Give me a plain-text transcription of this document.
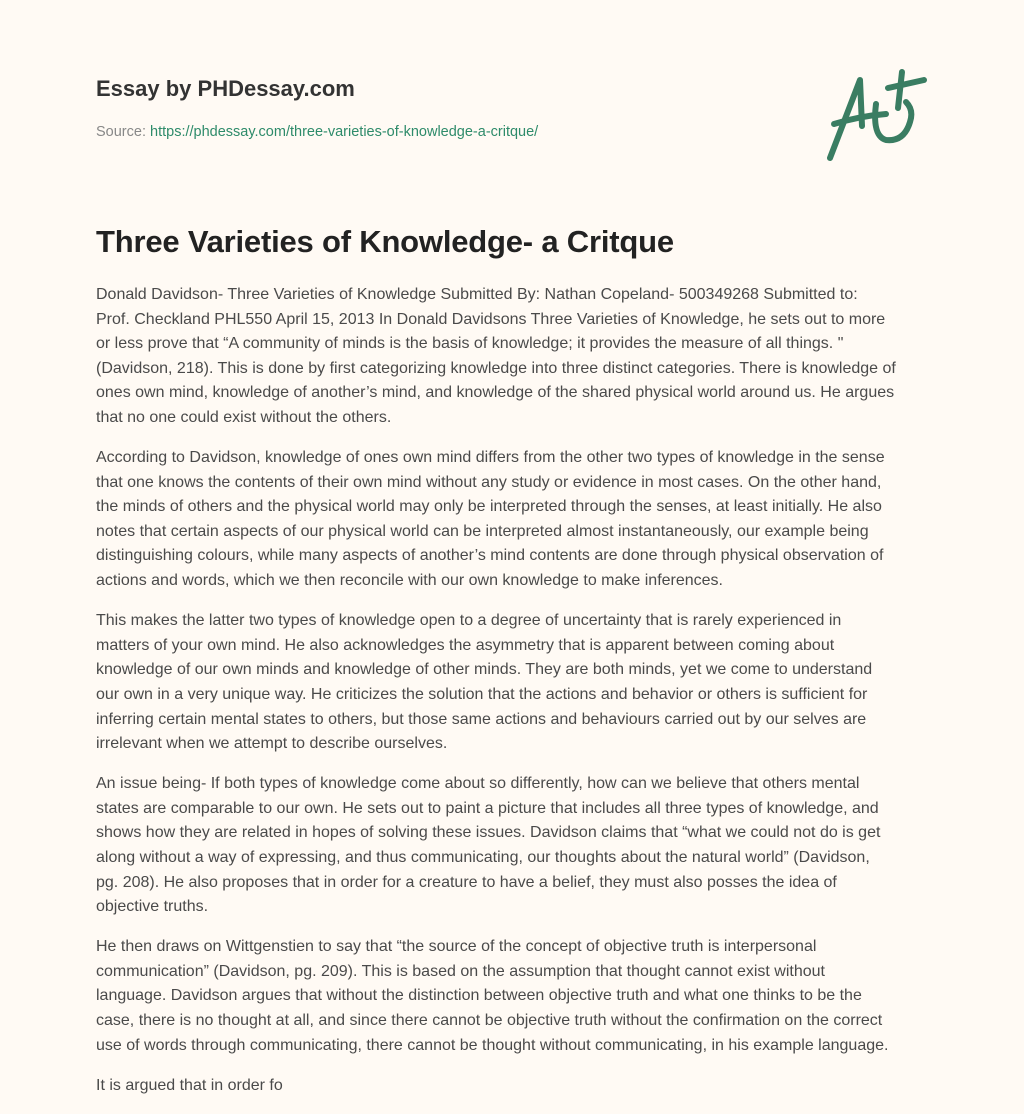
Essay by PHDessay.com
Source: https://phdessay.com/three-varieties-of-knowledge-a-critque/
Three Varieties of Knowledge- a Critque

Donald Davidson- Three Varieties of Knowledge Submitted By: Nathan Copeland- 500349268 Submitted to:
Prof. Checkland PHL550 April 15, 2013 In Donald Davidsons Three Varieties of Knowledge, he sets out to more
or less prove that “A community of minds is the basis of knowledge; it provides the measure of all things. "
(Davidson, 218). This is done by first categorizing knowledge into three distinct categories. There is knowledge of
ones own mind, knowledge of another’s mind, and knowledge of the shared physical world around us. He argues
that no one could exist without the others.

According to Davidson, knowledge of ones own mind differs from the other two types of knowledge in the sense
that one knows the contents of their own mind without any study or evidence in most cases. On the other hand,
the minds of others and the physical world may only be interpreted through the senses, at least initially. He also
notes that certain aspects of our physical world can be interpreted almost instantaneously, our example being
distinguishing colours, while many aspects of another’s mind contents are done through physical observation of
actions and words, which we then reconcile with our own knowledge to make inferences.

This makes the latter two types of knowledge open to a degree of uncertainty that is rarely experienced in
matters of your own mind. He also acknowledges the asymmetry that is apparent between coming about
knowledge of our own minds and knowledge of other minds. They are both minds, yet we come to understand
our own in a very unique way. He criticizes the solution that the actions and behavior or others is sufficient for
inferring certain mental states to others, but those same actions and behaviours carried out by our selves are
irrelevant when we attempt to describe ourselves.

An issue being- If both types of knowledge come about so differently, how can we believe that others mental
states are comparable to our own. He sets out to paint a picture that includes all three types of knowledge, and
shows how they are related in hopes of solving these issues. Davidson claims that “what we could not do is get
along without a way of expressing, and thus communicating, our thoughts about the natural world” (Davidson,
pg. 208). He also proposes that in order for a creature to have a belief, they must also posses the idea of
objective truths.

He then draws on Wittgenstien to say that “the source of the concept of objective truth is interpersonal
communication” (Davidson, pg. 209). This is based on the assumption that thought cannot exist without
language. Davidson argues that without the distinction between objective truth and what one thinks to be the
case, there is no thought at all, and since there cannot be objective truth without the confirmation on the correct
use of words through communicating, there cannot be thought without communicating, in his example language.

It is argued that in order fo
